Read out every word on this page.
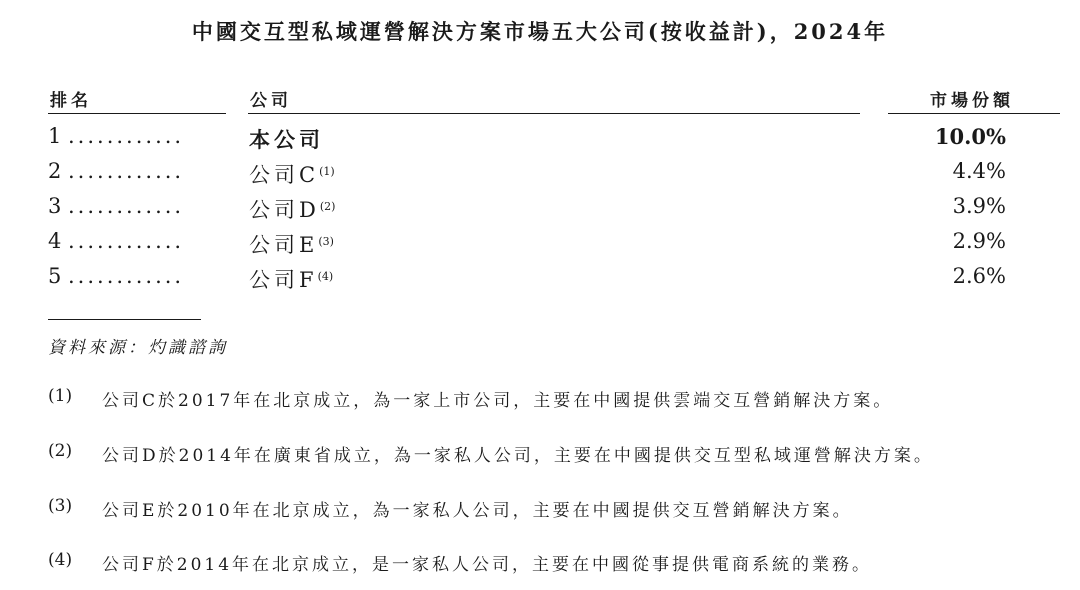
中國交互型私域運營解決方案市場五大公司(按收益計)，2024年
排名	公司	市場份額
1 ............	本公司	10.0%
2 ............	公司$C^{(1)}$	4.4%
3 ............	公司$D^{(2)}$	3.9%
4 ............	公司$E^{(3)}$	2.9%
5 ............	公司$F^{(4)}$	2.6%
資料來源：灼識諮詢
(1) 公司C於2017年在北京成立，為一家上市公司，主要在中國提供雲端交互營銷解決方案。
(2) 公司D於2014年在廣東省成立，為一家私人公司，主要在中國提供交互型私域運營解決方案。
(3) 公司E於2010年在北京成立，為一家私人公司，主要在中國提供交互營銷解決方案。
(4) 公司F於2014年在北京成立，是一家私人公司，主要在中國從事提供電商系統的業務。
